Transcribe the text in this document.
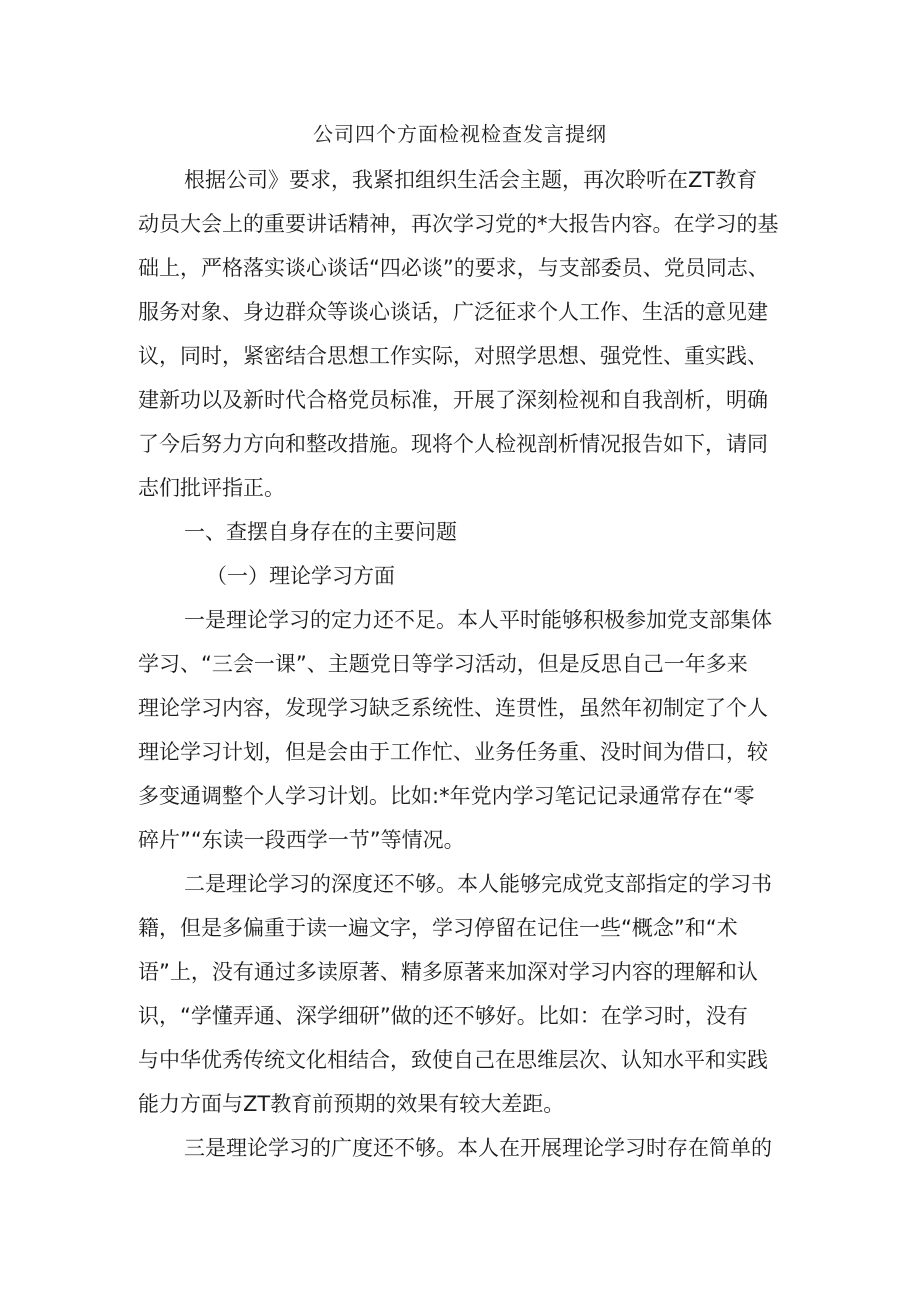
公司四个方面检视检查发言提纲
根据公司》要求，我紧扣组织生活会主题，再次聆听在ZT教育
动员大会上的重要讲话精神，再次学习党的*大报告内容。在学习的基
础上，严格落实谈心谈话“四必谈”的要求，与支部委员、党员同志、
服务对象、身边群众等谈心谈话，广泛征求个人工作、生活的意见建
议，同时，紧密结合思想工作实际，对照学思想、强党性、重实践、
建新功以及新时代合格党员标准，开展了深刻检视和自我剖析，明确
了今后努力方向和整改措施。现将个人检视剖析情况报告如下，请同
志们批评指正。
一、查摆自身存在的主要问题
（一）理论学习方面
一是理论学习的定力还不足。本人平时能够积极参加党支部集体
学习、“三会一课”、主题党日等学习活动，但是反思自己一年多来
理论学习内容，发现学习缺乏系统性、连贯性，虽然年初制定了个人
理论学习计划，但是会由于工作忙、业务任务重、没时间为借口，较
多变通调整个人学习计划。比如:*年党内学习笔记记录通常存在“零
碎片”“东读一段西学一节”等情况。
二是理论学习的深度还不够。本人能够完成党支部指定的学习书
籍，但是多偏重于读一遍文字，学习停留在记住一些“概念”和“术
语”上，没有通过多读原著、精多原著来加深对学习内容的理解和认
识，“学懂弄通、深学细研”做的还不够好。比如：在学习时，没有
与中华优秀传统文化相结合，致使自己在思维层次、认知水平和实践
能力方面与ZT教育前预期的效果有较大差距。
三是理论学习的广度还不够。本人在开展理论学习时存在简单的
